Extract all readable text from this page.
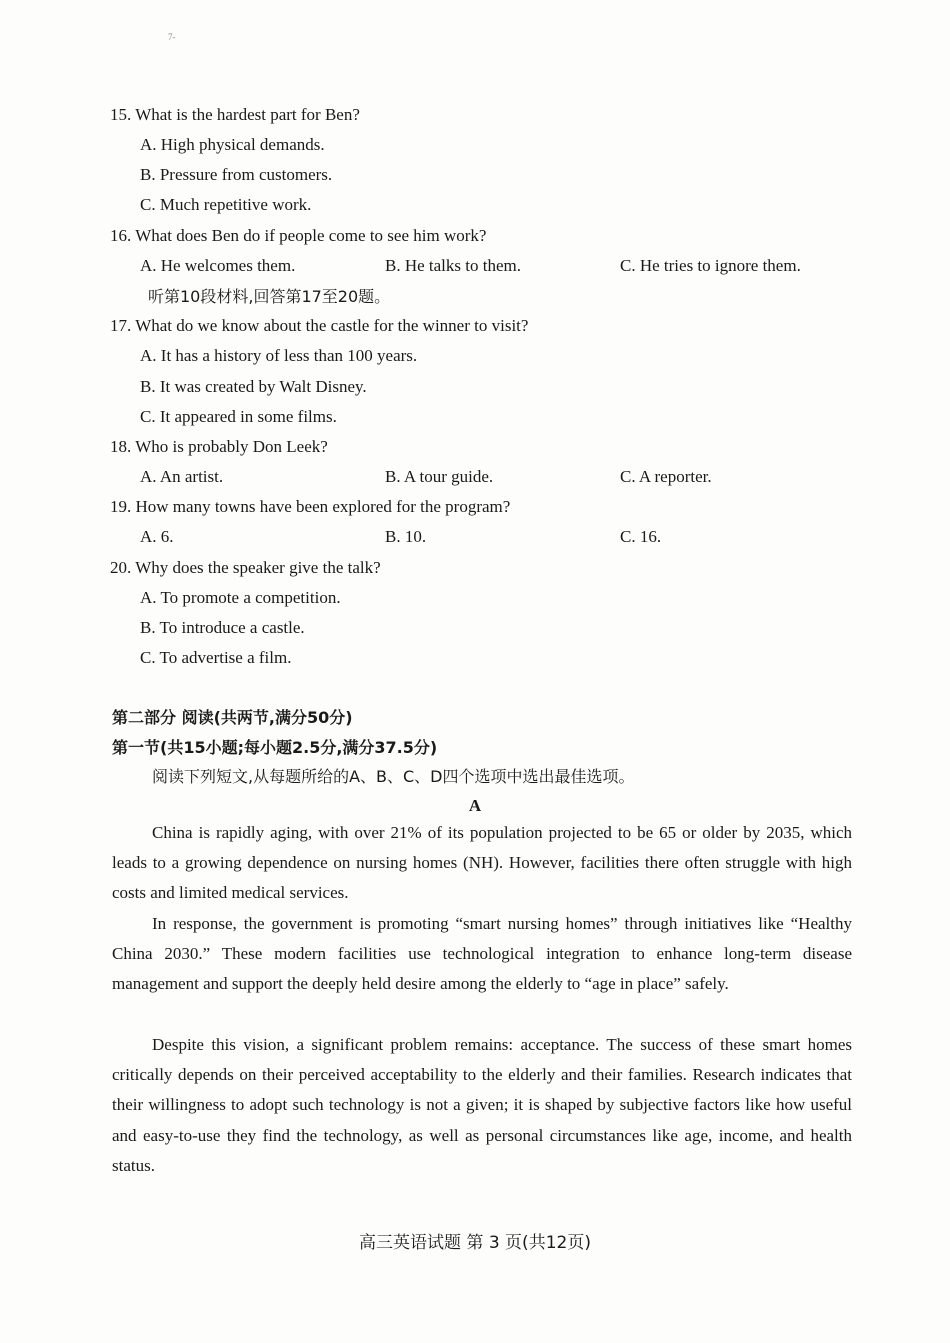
7-
15. What is the hardest part for Ben?
A. High physical demands.
B. Pressure from customers.
C. Much repetitive work.
16. What does Ben do if people come to see him work?
A. He welcomes them.	B. He talks to them.	C. He tries to ignore them.
听第10段材料,回答第17至20题。
17. What do we know about the castle for the winner to visit?
A. It has a history of less than 100 years.
B. It was created by Walt Disney.
C. It appeared in some films.
18. Who is probably Don Leek?
A. An artist.	B. A tour guide.	C. A reporter.
19. How many towns have been explored for the program?
A. 6.	B. 10.	C. 16.
20. Why does the speaker give the talk?
A. To promote a competition.
B. To introduce a castle.
C. To advertise a film.
第二部分 阅读(共两节,满分50分)
第一节(共15小题;每小题2.5分,满分37.5分)
阅读下列短文,从每题所给的A、B、C、D四个选项中选出最佳选项。
A
China is rapidly aging, with over 21% of its population projected to be 65 or older by 2035, which leads to a growing dependence on nursing homes (NH). However, facilities there often struggle with high costs and limited medical services.
In response, the government is promoting “smart nursing homes” through initiatives like “Healthy China 2030.” These modern facilities use technological integration to enhance long-term disease management and support the deeply held desire among the elderly to “age in place” safely.
Despite this vision, a significant problem remains: acceptance. The success of these smart homes critically depends on their perceived acceptability to the elderly and their families. Research indicates that their willingness to adopt such technology is not a given; it is shaped by subjective factors like how useful and easy-to-use they find the technology, as well as personal circumstances like age, income, and health status.
高三英语试题 第 3 页(共12页)
